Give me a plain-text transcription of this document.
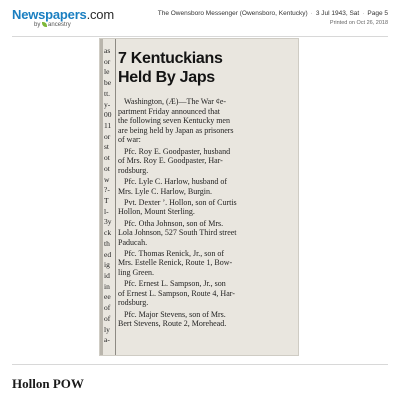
Newspapers.com
by ancestry
The Owensboro Messenger (Owensboro, Kentucky) · 3 Jul 1943, Sat · Page 5
Printed on Oct 26, 2018
as
or
le
be
tt.
y-
00
11
or
st
ot
ot
w
?-
T
l-
3y
ck
th
ed
ig
id
in
ee
of
of
ly
a-
7 Kentuckians
Held By Japs
Washington, (Æ)—The War ¢e-
partment Friday announced that
the following seven Kentucky men
are being held by Japan as prisoners
of war:
Pfc. Roy E. Goodpaster, husband
of Mrs. Roy E. Goodpaster, Har-
rodsburg.
Pfc. Lyle C. Harlow, husband of
Mrs. Lyle C. Harlow, Burgin.
Pvt. Dexter ’. Hollon, son of Curtis
Hollon, Mount Sterling.
Pfc. Otha Johnson, son of Mrs.
Lola Johnson, 527 South Third street
Paducah.
Pfc. Thomas Renick, Jr., son of
Mrs. Estelle Renick, Route 1, Bow-
ling Green.
Pfc. Ernest L. Sampson, Jr., son
of Ernest L. Sampson, Route 4, Har-
rodsburg.
Pfc. Major Stevens, son of Mrs.
Bert Stevens, Route 2, Morehead.
Hollon POW
